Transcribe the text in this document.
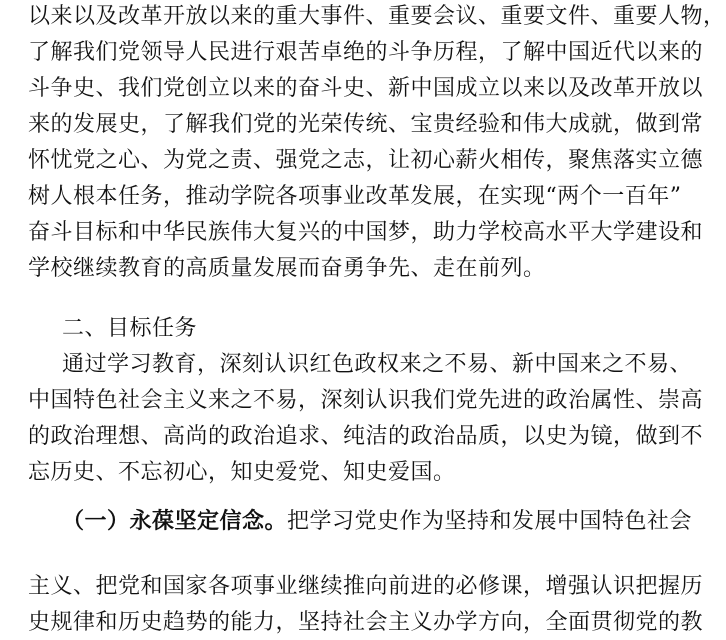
以来以及改革开放以来的重大事件、重要会议、重要文件、重要人物，
了解我们党领导人民进行艰苦卓绝的斗争历程，了解中国近代以来的
斗争史、我们党创立以来的奋斗史、新中国成立以来以及改革开放以
来的发展史，了解我们党的光荣传统、宝贵经验和伟大成就，做到常
怀忧党之心、为党之责、强党之志，让初心薪火相传，聚焦落实立德
树人根本任务，推动学院各项事业改革发展，在实现“两个一百年”
奋斗目标和中华民族伟大复兴的中国梦，助力学校高水平大学建设和
学校继续教育的高质量发展而奋勇争先、走在前列。
二、目标任务
通过学习教育，深刻认识红色政权来之不易、新中国来之不易、
中国特色社会主义来之不易，深刻认识我们党先进的政治属性、崇高
的政治理想、高尚的政治追求、纯洁的政治品质，以史为镜，做到不
忘历史、不忘初心，知史爱党、知史爱国。
（一）永葆坚定信念。把学习党史作为坚持和发展中国特色社会
主义、把党和国家各项事业继续推向前进的必修课，增强认识把握历
史规律和历史趋势的能力，坚持社会主义办学方向，全面贯彻党的教
